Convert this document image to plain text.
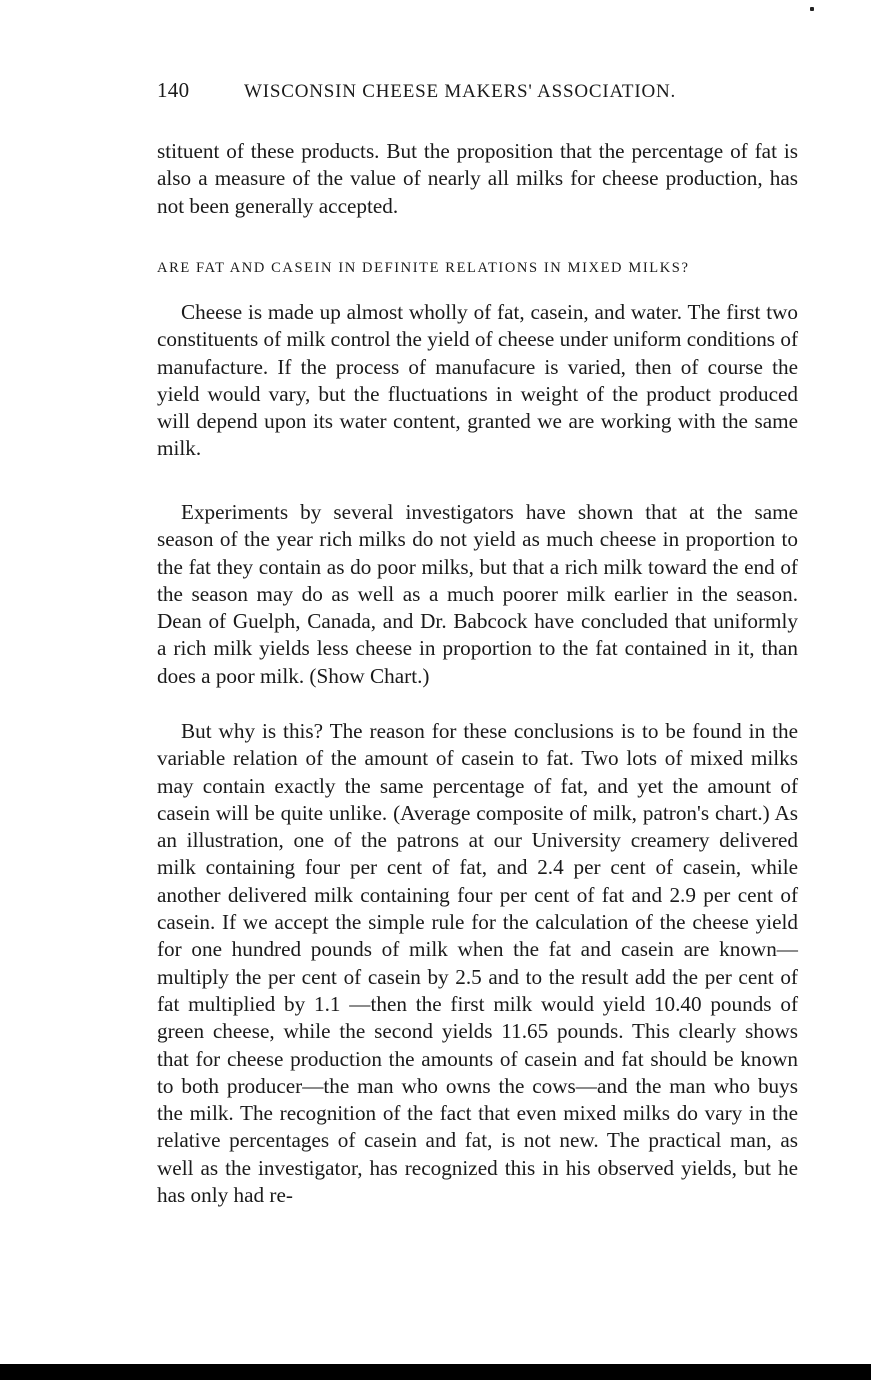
140	WISCONSIN CHEESE MAKERS' ASSOCIATION.

stituent of these products. But the proposition that the percentage of fat is also a measure of the value of nearly all milks for cheese production, has not been generally accepted.

ARE FAT AND CASEIN IN DEFINITE RELATIONS IN MIXED MILKS?

Cheese is made up almost wholly of fat, casein, and water. The first two constituents of milk control the yield of cheese under uniform conditions of manufacture. If the process of manufacure is varied, then of course the yield would vary, but the fluctuations in weight of the product produced will depend upon its water content, granted we are working with the same milk.

Experiments by several investigators have shown that at the same season of the year rich milks do not yield as much cheese in proportion to the fat they contain as do poor milks, but that a rich milk toward the end of the season may do as well as a much poorer milk earlier in the season. Dean of Guelph, Canada, and Dr. Babcock have concluded that uniformly a rich milk yields less cheese in proportion to the fat contained in it, than does a poor milk. (Show Chart.)

But why is this? The reason for these conclusions is to be found in the variable relation of the amount of casein to fat. Two lots of mixed milks may contain exactly the same percentage of fat, and yet the amount of casein will be quite unlike. (Average composite of milk, patron's chart.) As an illustration, one of the patrons at our University creamery delivered milk containing four per cent of fat, and 2.4 per cent of casein, while another delivered milk containing four per cent of fat and 2.9 per cent of casein. If we accept the simple rule for the calculation of the cheese yield for one hundred pounds of milk when the fat and casein are known—multiply the per cent of casein by 2.5 and to the result add the per cent of fat multiplied by 1.1 —then the first milk would yield 10.40 pounds of green cheese, while the second yields 11.65 pounds. This clearly shows that for cheese production the amounts of casein and fat should be known to both producer—the man who owns the cows—and the man who buys the milk. The recognition of the fact that even mixed milks do vary in the relative percentages of casein and fat, is not new. The practical man, as well as the investigator, has recognized this in his observed yields, but he has only had re-
